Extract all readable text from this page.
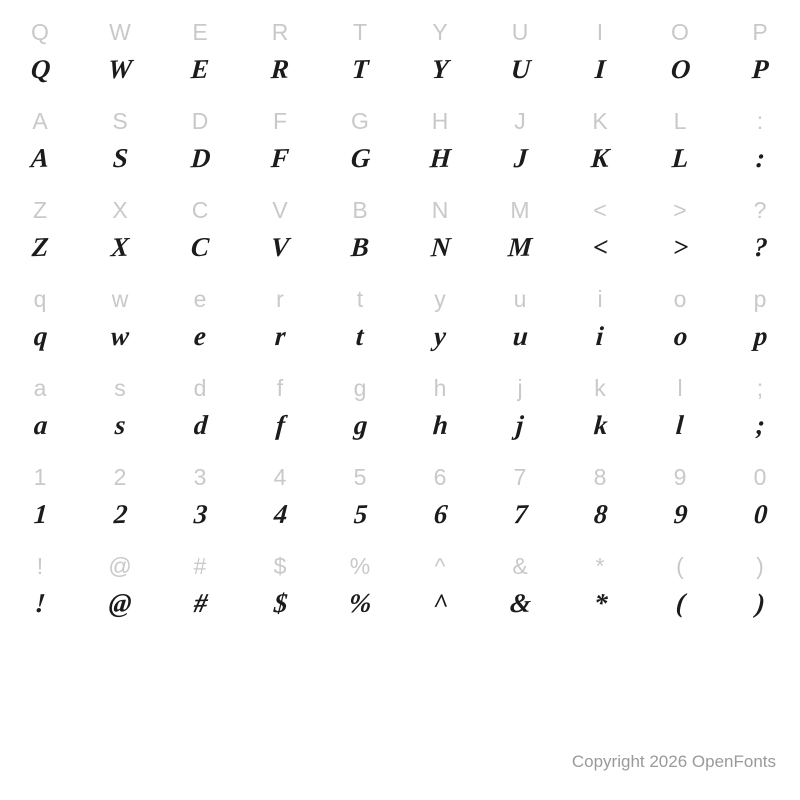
Q	W	E	R	T	Y	U	I	O	P
Q W E R T Y U I O P
A	S	D	F	G	H	J	K	L	:
A S D F G H J K L :
Z	X	C	V	B	N	M	<	>	?
Z X C V B N M < > ?
q	w	e	r	t	y	u	i	o	p
q w e r	t	y u i	o p
a	s	d	f	g	h	j	k	l	;
a s d f g h j	k	l	;
1	2	3	4	5	6	7	8	9	0
1 2 3 4 5 6 7 8 9 0
!	@	#	$	%	^	&	*	(	)
! @ # $ % ^ & * (	)
Copyright 2026 OpenFonts
